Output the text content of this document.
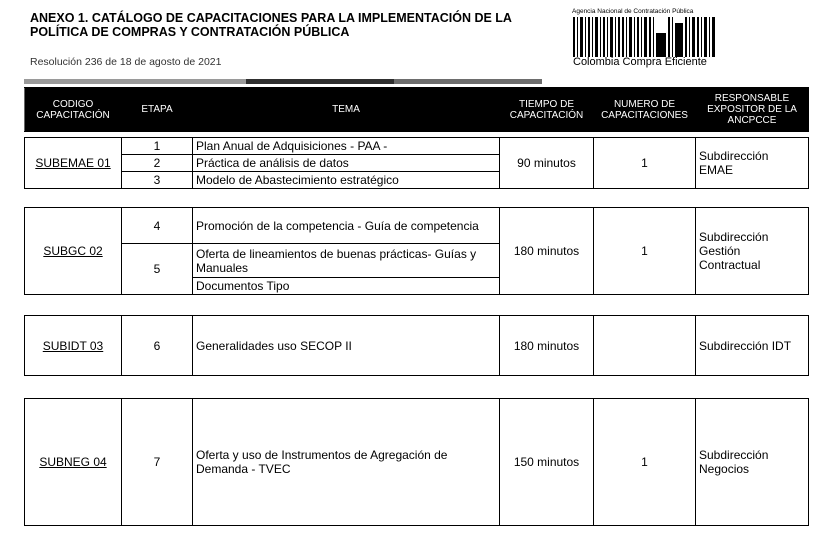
ANEXO 1. CATÁLOGO DE CAPACITACIONES PARA LA IMPLEMENTACIÓN DE LA POLÍTICA DE COMPRAS Y CONTRATACIÓN PÚBLICA
Resolución 236 de 18 de agosto de 2021
Agencia Nacional de Contratación Pública
Colombia Compra Eficiente
CODIGO CAPACITACIÓN	ETAPA	TEMA	TIEMPO DE CAPACITACIÓN	NUMERO DE CAPACITACIONES	RESPONSABLE EXPOSITOR DE LA ANCPCCE
SUBEMAE 01	1	Plan Anual de Adquisiciones - PAA -	90 minutos	1	Subdirección EMAE
	2	Práctica de análisis de datos			
	3	Modelo de Abastecimiento estratégico			
SUBGC 02	4	Promoción de la competencia - Guía de competencia	180 minutos	1	Subdirección Gestión Contractual
	5	Oferta de lineamientos de buenas prácticas- Guías y Manuales			
		Documentos Tipo			
SUBIDT 03	6	Generalidades uso SECOP II	180 minutos		Subdirección IDT
SUBNEG 04	7	Oferta y uso de Instrumentos de Agregación de Demanda - TVEC	150 minutos	1	Subdirección Negocios
